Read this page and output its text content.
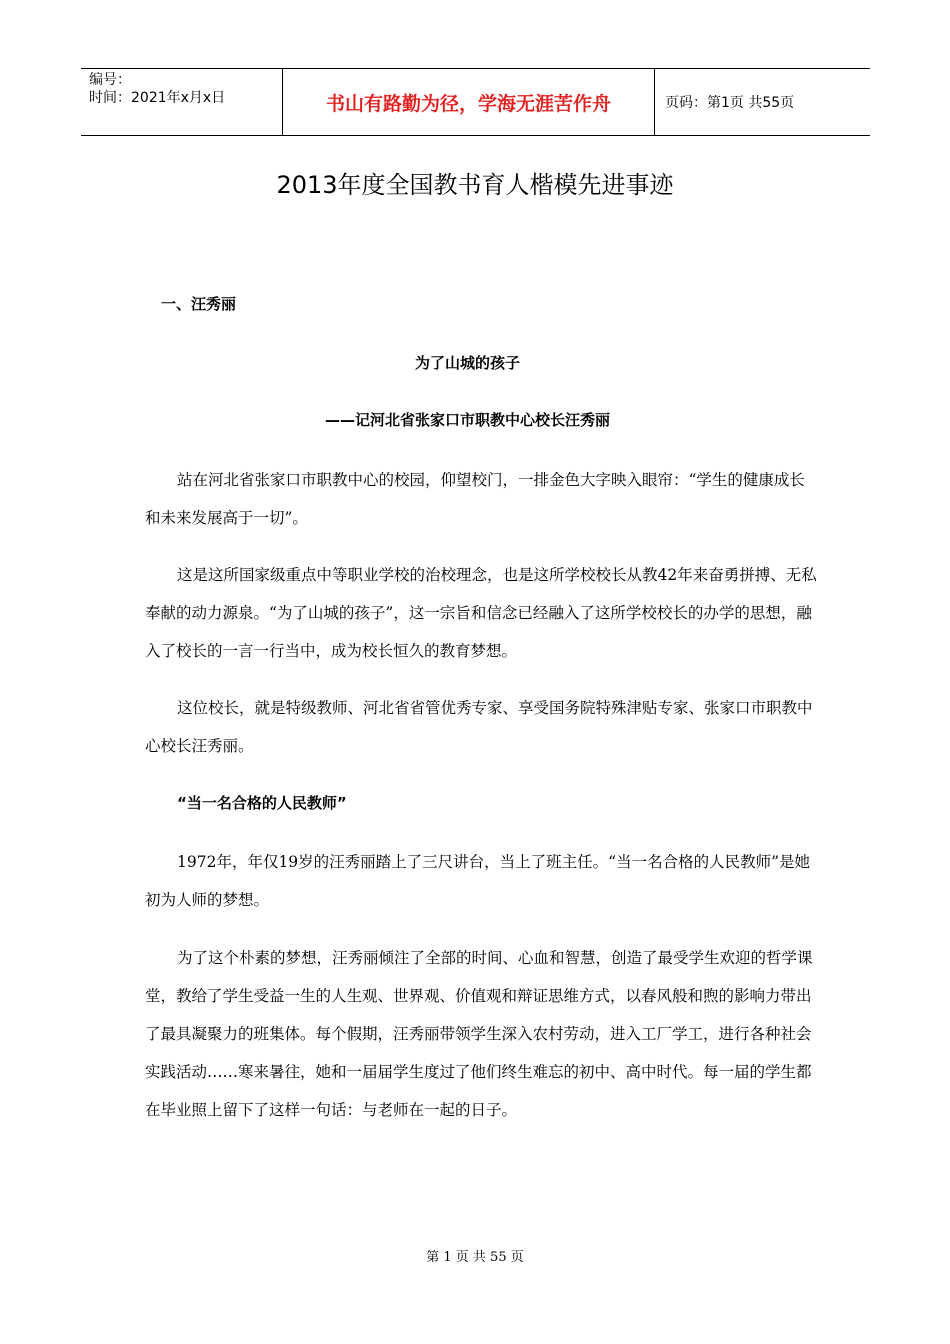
编号：
时间：2021年x月x日	书山有路勤为径，学海无涯苦作舟	页码：第1页 共55页
2013年度全国教书育人楷模先进事迹
一、汪秀丽
为了山城的孩子
——记河北省张家口市职教中心校长汪秀丽

站在河北省张家口市职教中心的校园，仰望校门，一排金色大字映入眼帘：“学生的健康成长和未来发展高于一切”。

这是这所国家级重点中等职业学校的治校理念，也是这所学校校长从教42年来奋勇拼搏、无私奉献的动力源泉。“为了山城的孩子”，这一宗旨和信念已经融入了这所学校校长的办学的思想，融入了校长的一言一行当中，成为校长恒久的教育梦想。

这位校长，就是特级教师、河北省省管优秀专家、享受国务院特殊津贴专家、张家口市职教中心校长汪秀丽。

“当一名合格的人民教师”

1972年，年仅19岁的汪秀丽踏上了三尺讲台，当上了班主任。“当一名合格的人民教师”是她初为人师的梦想。

为了这个朴素的梦想，汪秀丽倾注了全部的时间、心血和智慧，创造了最受学生欢迎的哲学课堂，教给了学生受益一生的人生观、世界观、价值观和辩证思维方式，以春风般和煦的影响力带出了最具凝聚力的班集体。每个假期，汪秀丽带领学生深入农村劳动，进入工厂学工，进行各种社会实践活动……寒来暑往，她和一届届学生度过了他们终生难忘的初中、高中时代。每一届的学生都在毕业照上留下了这样一句话：与老师在一起的日子。

第 1 页 共 55 页
